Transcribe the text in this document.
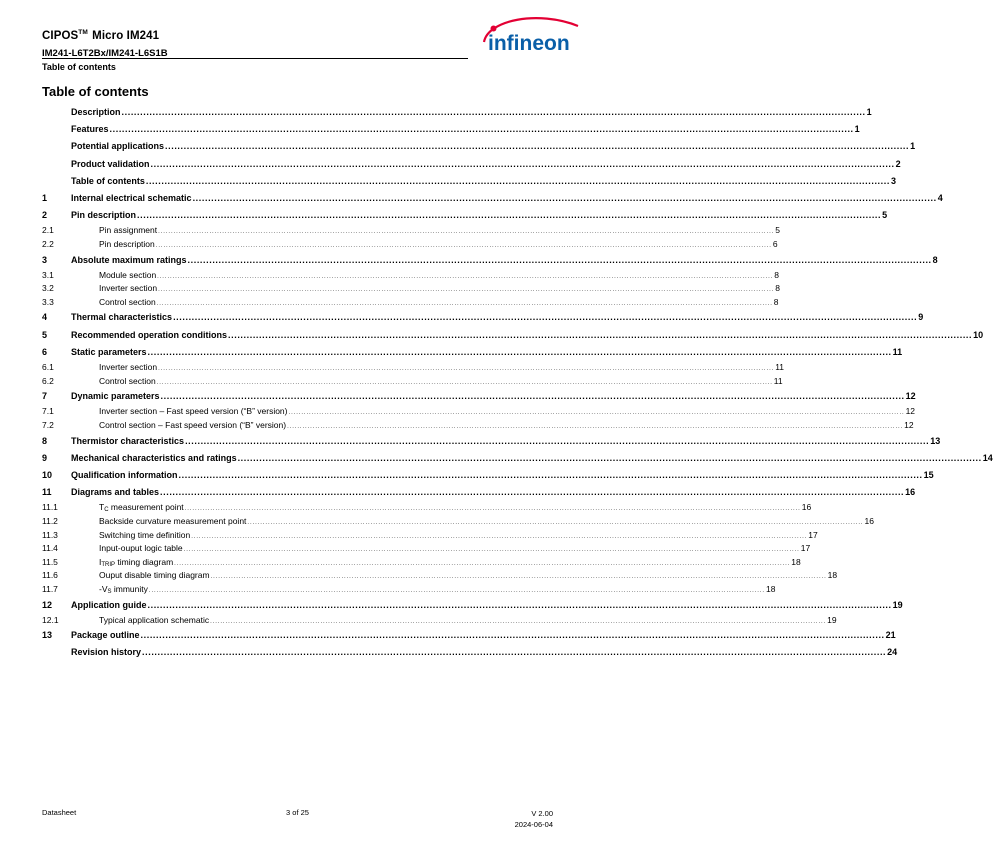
CIPOS™ Micro IM241
IM241-L6T2Bx/IM241-L6S1B
Table of contents
infineon
Table of contents
Description ................................................................................................................................................................................................................................................ 1
Features ................................................................................................................................................................................................................................................ 1
Potential applications ................................................................................................................................................................................................................................................ 1
Product validation ................................................................................................................................................................................................................................................ 2
Table of contents ................................................................................................................................................................................................................................................ 3
1	Internal electrical schematic ................................................................................................................................................................................................................................................ 4
2	Pin description ................................................................................................................................................................................................................................................ 5
2.1	Pin assignment ................................................................................................................................................................................................................................................ 5
2.2	Pin description ................................................................................................................................................................................................................................................ 6
3	Absolute maximum ratings ................................................................................................................................................................................................................................................ 8
3.1	Module section ................................................................................................................................................................................................................................................ 8
3.2	Inverter section ................................................................................................................................................................................................................................................ 8
3.3	Control section ................................................................................................................................................................................................................................................ 8
4	Thermal characteristics ................................................................................................................................................................................................................................................ 9
5	Recommended operation conditions ................................................................................................................................................................................................................................................ 10
6	Static parameters ................................................................................................................................................................................................................................................ 11
6.1	Inverter section ................................................................................................................................................................................................................................................ 11
6.2	Control section ................................................................................................................................................................................................................................................ 11
7	Dynamic parameters ................................................................................................................................................................................................................................................ 12
7.1	Inverter section – Fast speed version (“B” version) ................................................................................................................................................................................................................................................ 12
7.2	Control section – Fast speed version (“B” version) ................................................................................................................................................................................................................................................ 12
8	Thermistor characteristics ................................................................................................................................................................................................................................................ 13
9	Mechanical characteristics and ratings ................................................................................................................................................................................................................................................ 14
10	Qualification information ................................................................................................................................................................................................................................................ 15
11	Diagrams and tables ................................................................................................................................................................................................................................................ 16
11.1	$T_C$ measurement point ................................................................................................................................................................................................................................................ 16
11.2	Backside curvature measurement point ................................................................................................................................................................................................................................................ 16
11.3	Switching time definition ................................................................................................................................................................................................................................................ 17
11.4	Input-ouput logic table ................................................................................................................................................................................................................................................ 17
11.5	$I_{TRIP}$ timing diagram ................................................................................................................................................................................................................................................ 18
11.6	Ouput disable timing diagram ................................................................................................................................................................................................................................................ 18
11.7	$-V_S$ immunity ................................................................................................................................................................................................................................................ 18
12	Application guide ................................................................................................................................................................................................................................................ 19
12.1	Typical application schematic ................................................................................................................................................................................................................................................ 19
13	Package outline ................................................................................................................................................................................................................................................ 21
Revision history ................................................................................................................................................................................................................................................ 24
Datasheet	3 of 25	V 2.00
2024-06-04
